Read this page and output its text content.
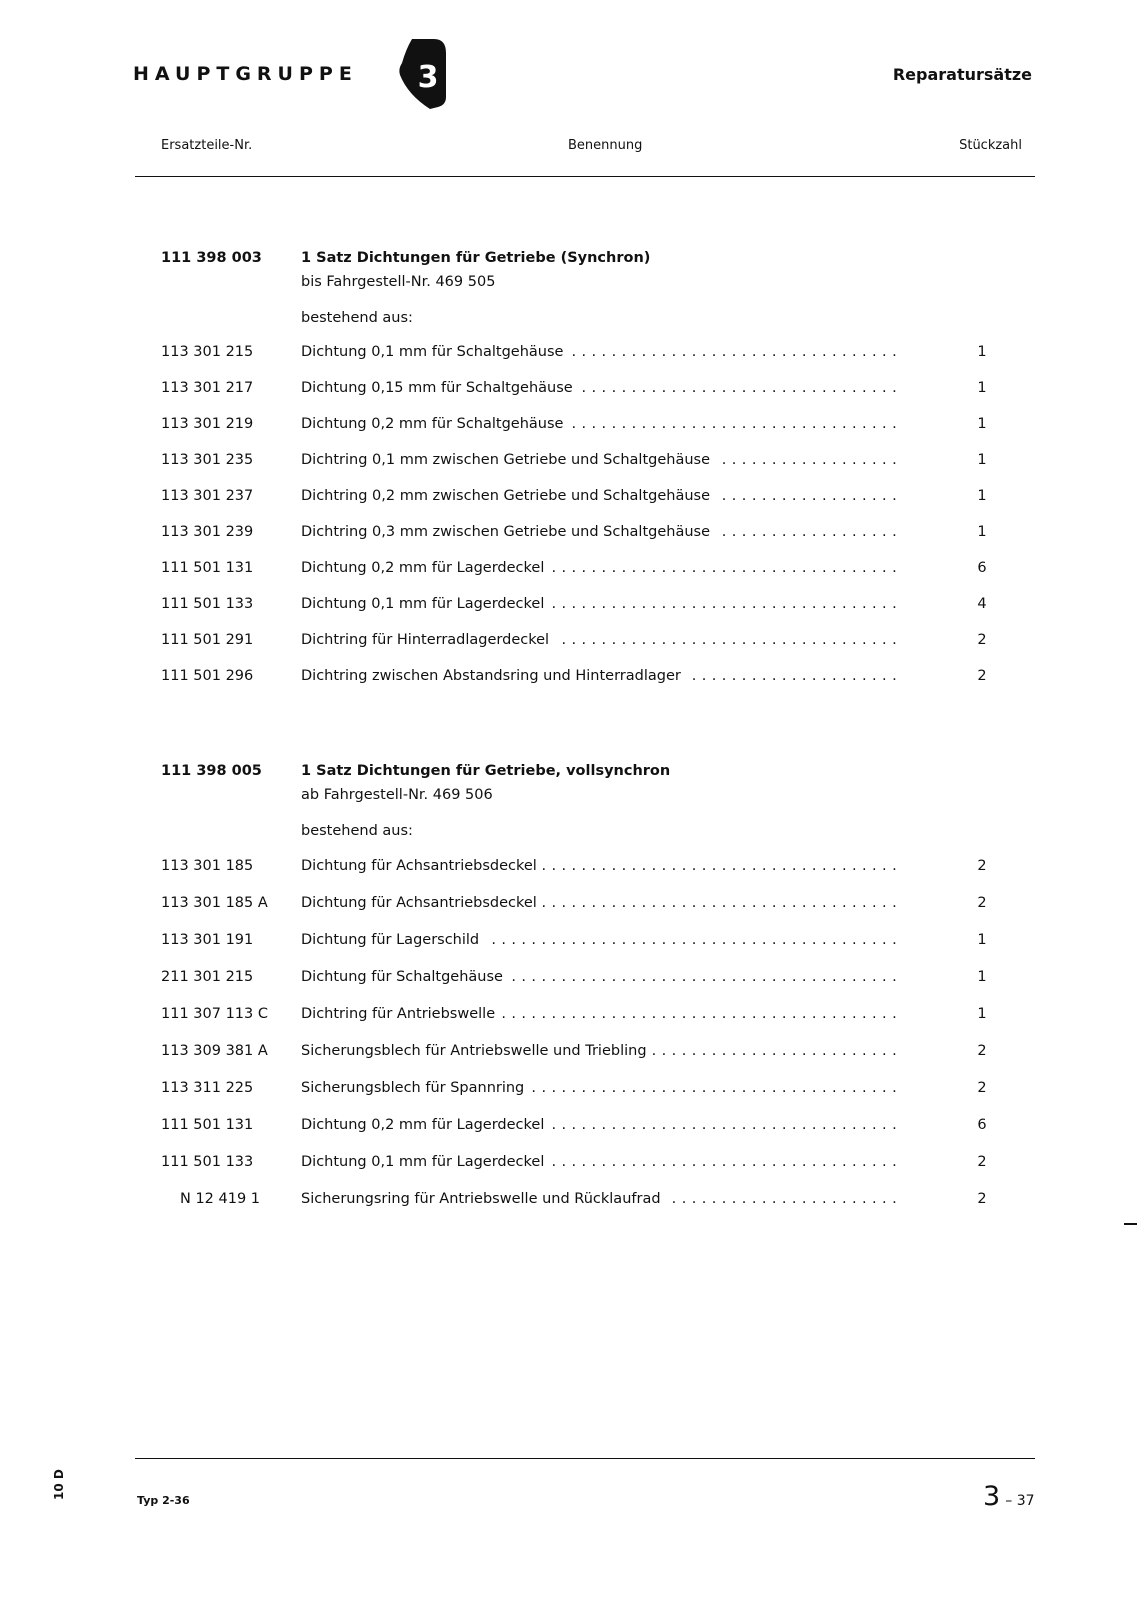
HAUPTGRUPPE 3	Reparatursätze
Ersatzteile-Nr.	Benennung	Stückzahl
111 398 003	1 Satz Dichtungen für Getriebe (Synchron)
bis Fahrgestell-Nr. 469 505
bestehend aus:
113 301 215	Dichtung 0,1 mm für Schaltgehäuse . . .	1
113 301 217	Dichtung 0,15 mm für Schaltgehäuse . . .	1
113 301 219	Dichtung 0,2 mm für Schaltgehäuse . . .	1
113 301 235	Dichtring 0,1 mm zwischen Getriebe und Schaltgehäuse . . .	1
113 301 237	Dichtring 0,2 mm zwischen Getriebe und Schaltgehäuse . . .	1
113 301 239	Dichtring 0,3 mm zwischen Getriebe und Schaltgehäuse . . .	1
111 501 131	Dichtung 0,2 mm für Lagerdeckel . . .	6
111 501 133	Dichtung 0,1 mm für Lagerdeckel . . .	4
111 501 291	Dichtring für Hinterradlagerdeckel . . .	2
111 501 296	Dichtring zwischen Abstandsring und Hinterradlager . . .	2
111 398 005	1 Satz Dichtungen für Getriebe, vollsynchron
ab Fahrgestell-Nr. 469 506
bestehend aus:
113 301 185	Dichtung für Achsantriebsdeckel . . .	2
113 301 185 A Dichtung für Achsantriebsdeckel . . .	2
113 301 191	Dichtung für Lagerschild . . .	1
211 301 215	Dichtung für Schaltgehäuse . . .	1
111 307 113 C Dichtring für Antriebswelle . . .	1
113 309 381 A Sicherungsblech für Antriebswelle und Triebling . . .	2
113 311 225	Sicherungsblech für Spannring . . .	2
111 501 131	Dichtung 0,2 mm für Lagerdeckel . . .	6
111 501 133	Dichtung 0,1 mm für Lagerdeckel . . .	2
N 12 419 1	Sicherungsring für Antriebswelle und Rücklaufrad . . .	2
10 D
Typ 2-36	3 – 37
